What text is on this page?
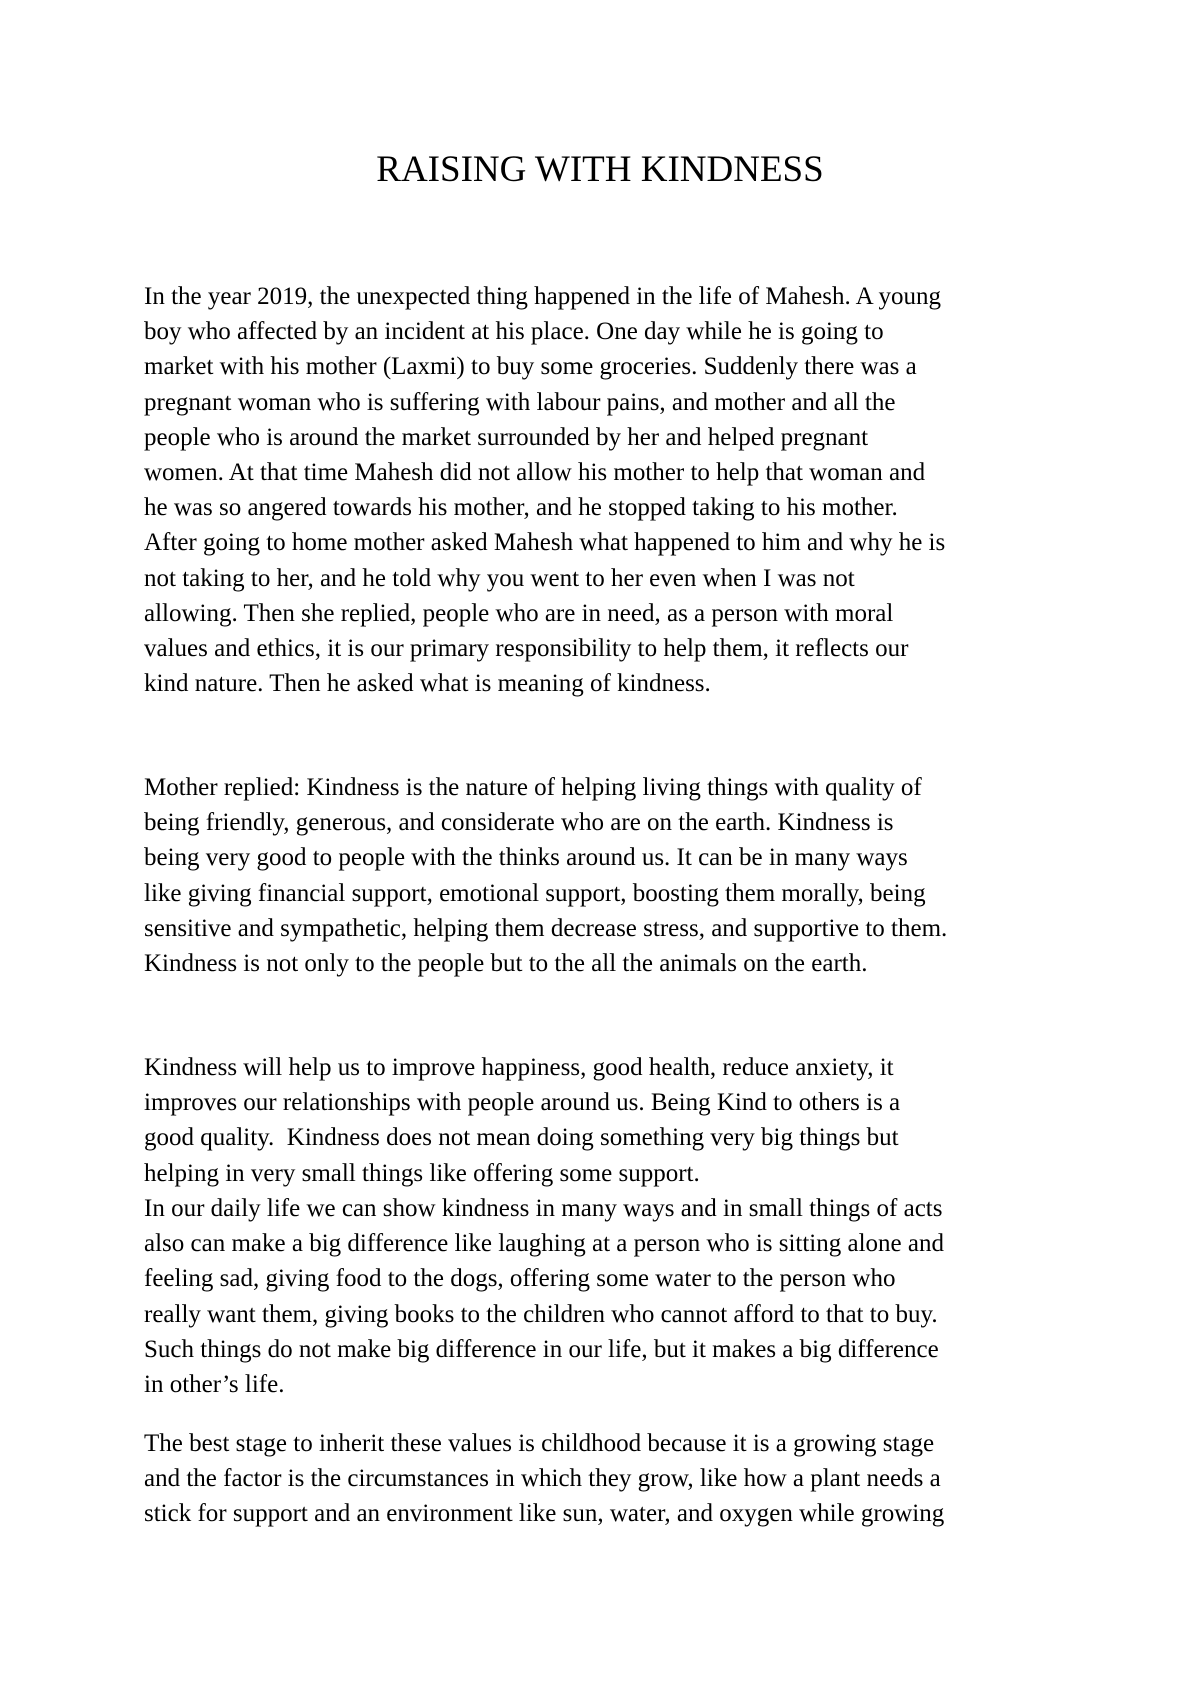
RAISING WITH KINDNESS

In the year 2019, the unexpected thing happened in the life of Mahesh. A young
boy who affected by an incident at his place. One day while he is going to
market with his mother (Laxmi) to buy some groceries. Suddenly there was a
pregnant woman who is suffering with labour pains, and mother and all the
people who is around the market surrounded by her and helped pregnant
women. At that time Mahesh did not allow his mother to help that woman and
he was so angered towards his mother, and he stopped taking to his mother.
After going to home mother asked Mahesh what happened to him and why he is
not taking to her, and he told why you went to her even when I was not
allowing. Then she replied, people who are in need, as a person with moral
values and ethics, it is our primary responsibility to help them, it reflects our
kind nature. Then he asked what is meaning of kindness.

Mother replied: Kindness is the nature of helping living things with quality of
being friendly, generous, and considerate who are on the earth. Kindness is
being very good to people with the thinks around us. It can be in many ways
like giving financial support, emotional support, boosting them morally, being
sensitive and sympathetic, helping them decrease stress, and supportive to them.
Kindness is not only to the people but to the all the animals on the earth.

Kindness will help us to improve happiness, good health, reduce anxiety, it
improves our relationships with people around us. Being Kind to others is a
good quality.  Kindness does not mean doing something very big things but
helping in very small things like offering some support.

In our daily life we can show kindness in many ways and in small things of acts
also can make a big difference like laughing at a person who is sitting alone and
feeling sad, giving food to the dogs, offering some water to the person who
really want them, giving books to the children who cannot afford to that to buy.
Such things do not make big difference in our life, but it makes a big difference
in other’s life.

The best stage to inherit these values is childhood because it is a growing stage
and the factor is the circumstances in which they grow, like how a plant needs a
stick for support and an environment like sun, water, and oxygen while growing
